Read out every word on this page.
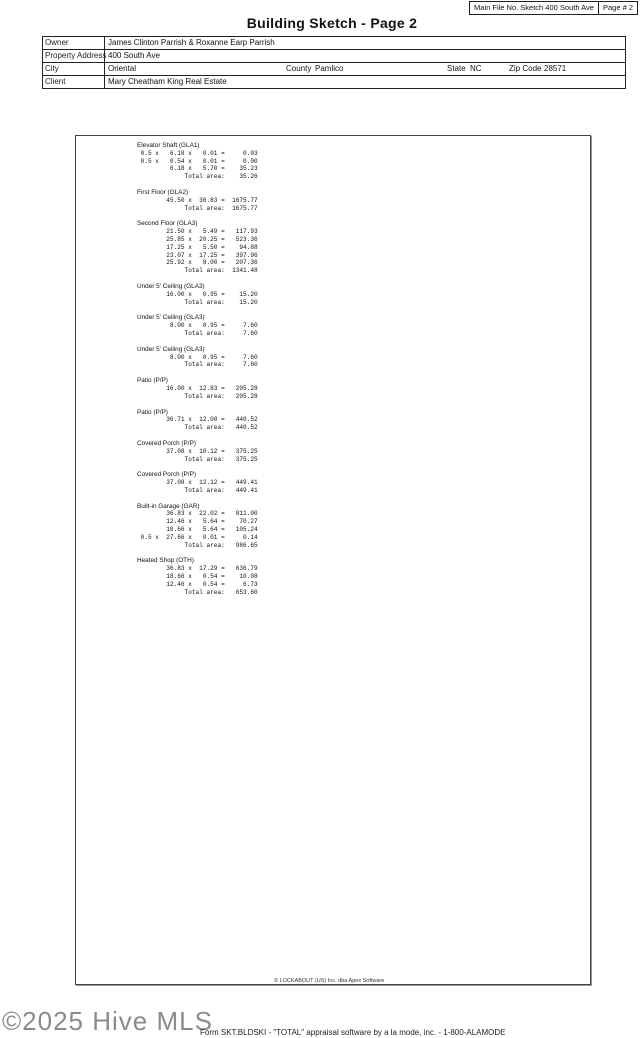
Main File No. Sketch 400 South Ave	Page # 2
Building Sketch - Page 2
Owner	James Clinton Parrish & Roxanne Earp Parrish
Property Address 400 South Ave
City	Oriental	County Pamlico	State NC	Zip Code 28571
Client	Mary Cheatham King Real Estate
Elevator Shaft (GLA1)
0.5 x   6.18 x   0.01 =     0.03
0.5 x   0.54 x   0.01 =     0.00
6.18 x   5.70 =    35.23
Total area:    35.26
First Floor (GLA2)
45.50 x  36.83 =  1675.77
Total area:  1675.77
Second Floor (GLA3)
21.50 x   5.49 =   117.93
25.85 x  20.25 =   523.36
17.25 x   5.50 =    94.88
23.07 x  17.25 =   397.96
25.92 x   8.00 =   207.36
Total area:  1341.48
Under 5' Ceiling (GLA3)
16.00 x   0.95 =    15.20
Total area:    15.20
Under 5' Ceiling (GLA3)
8.00 x   0.95 =     7.60
Total area:     7.60
Under 5' Ceiling (GLA3)
8.00 x   0.95 =     7.60
Total area:     7.60
Patio (P/P)
16.00 x  12.83 =   205.28
Total area:   205.28
Patio (P/P)
36.71 x  12.00 =   440.52
Total area:   440.52
Covered Porch (P/P)
37.08 x  10.12 =   375.25
Total area:   375.25
Covered Porch (P/P)
37.08 x  12.12 =   449.41
Total area:   449.41
Built-in Garage (GAR)
36.83 x  22.02 =   811.00
12.46 x   5.64 =    70.27
18.66 x   5.64 =   105.24
0.5 x  27.66 x   0.01 =     0.14
Total area:   986.65
Heated Shop (OTH)
36.83 x  17.29 =   636.79
18.66 x   0.54 =    10.08
12.46 x   0.54 =     6.73
Total area:   653.60
© LOCKABOUT (US) Inc. dba Apex Software
©2025 Hive MLS
Form SKT.BLDSKI - "TOTAL" appraisal software by a la mode, inc. - 1-800-ALAMODE
